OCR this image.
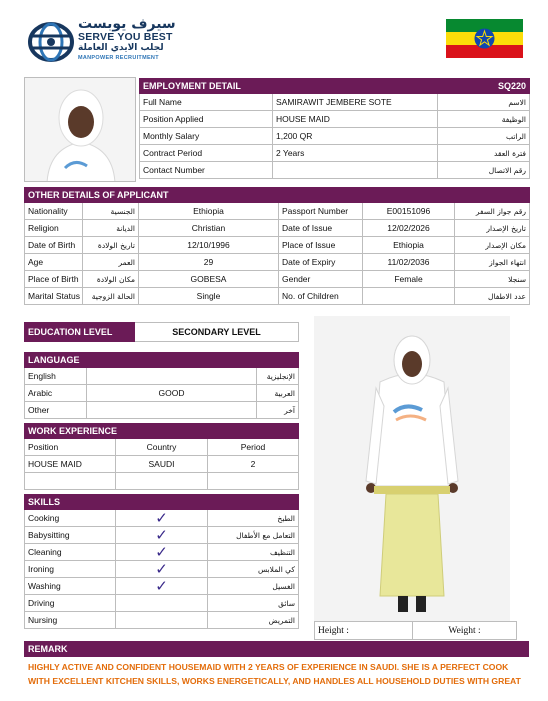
سيرف يوبست
SERVE YOU BEST
لجلب الايدي العاملة
MANPOWER RECRUITMENT
EMPLOYMENT DETAIL		SQ220
Full Name	SAMIRAWIT JEMBERE SOTE	الاسم
Position Applied	HOUSE MAID	الوظيفة
Monthly Salary	1,200 QR	الراتب
Contract Period	2 Years	فترة العقد
Contact Number		رقم الاتصال
OTHER DETAILS OF APPLICANT					
Nationality	الجنسية	Ethiopia	Passport Number	E00151096	رقم جواز السفر
Religion	الديانة	Christian	Date of Issue	12/02/2026	تاريخ الإصدار
Date of Birth	تاريخ الولادة	12/10/1996	Place of Issue	Ethiopia	مكان الإصدار
Age	العمر	29	Date of Expiry	11/02/2036	انتهاء الجواز
Place of Birth	مكان الولادة	GOBESA	Gender	Female	سنجلا
Marital Status	الحالة الزوجية	Single	No. of Children		عدد الاطفال
EDUCATION LEVEL	SECONDARY LEVEL
LANGUAGE		
English		الإنجليزية
Arabic	GOOD	العربية
Other		آخر
WORK EXPERIENCE		
Position	Country	Period
HOUSE MAID	SAUDI	2

SKILLS		
Cooking	✓	الطبخ
Babysitting	✓	التعامل مع الأطفال
Cleaning	✓	التنظيف
Ironing	✓	كي الملابس
Washing	✓	الغسيل
Driving		سائق
Nursing		التمريض
Height :	Weight :
REMARK
HIGHLY ACTIVE AND CONFIDENT HOUSEMAID WITH 2 YEARS OF EXPERIENCE IN SAUDI. SHE IS A PERFECT COOK
WITH EXCELLENT KITCHEN SKILLS, WORKS ENERGETICALLY, AND HANDLES ALL HOUSEHOLD DUTIES WITH GREAT
